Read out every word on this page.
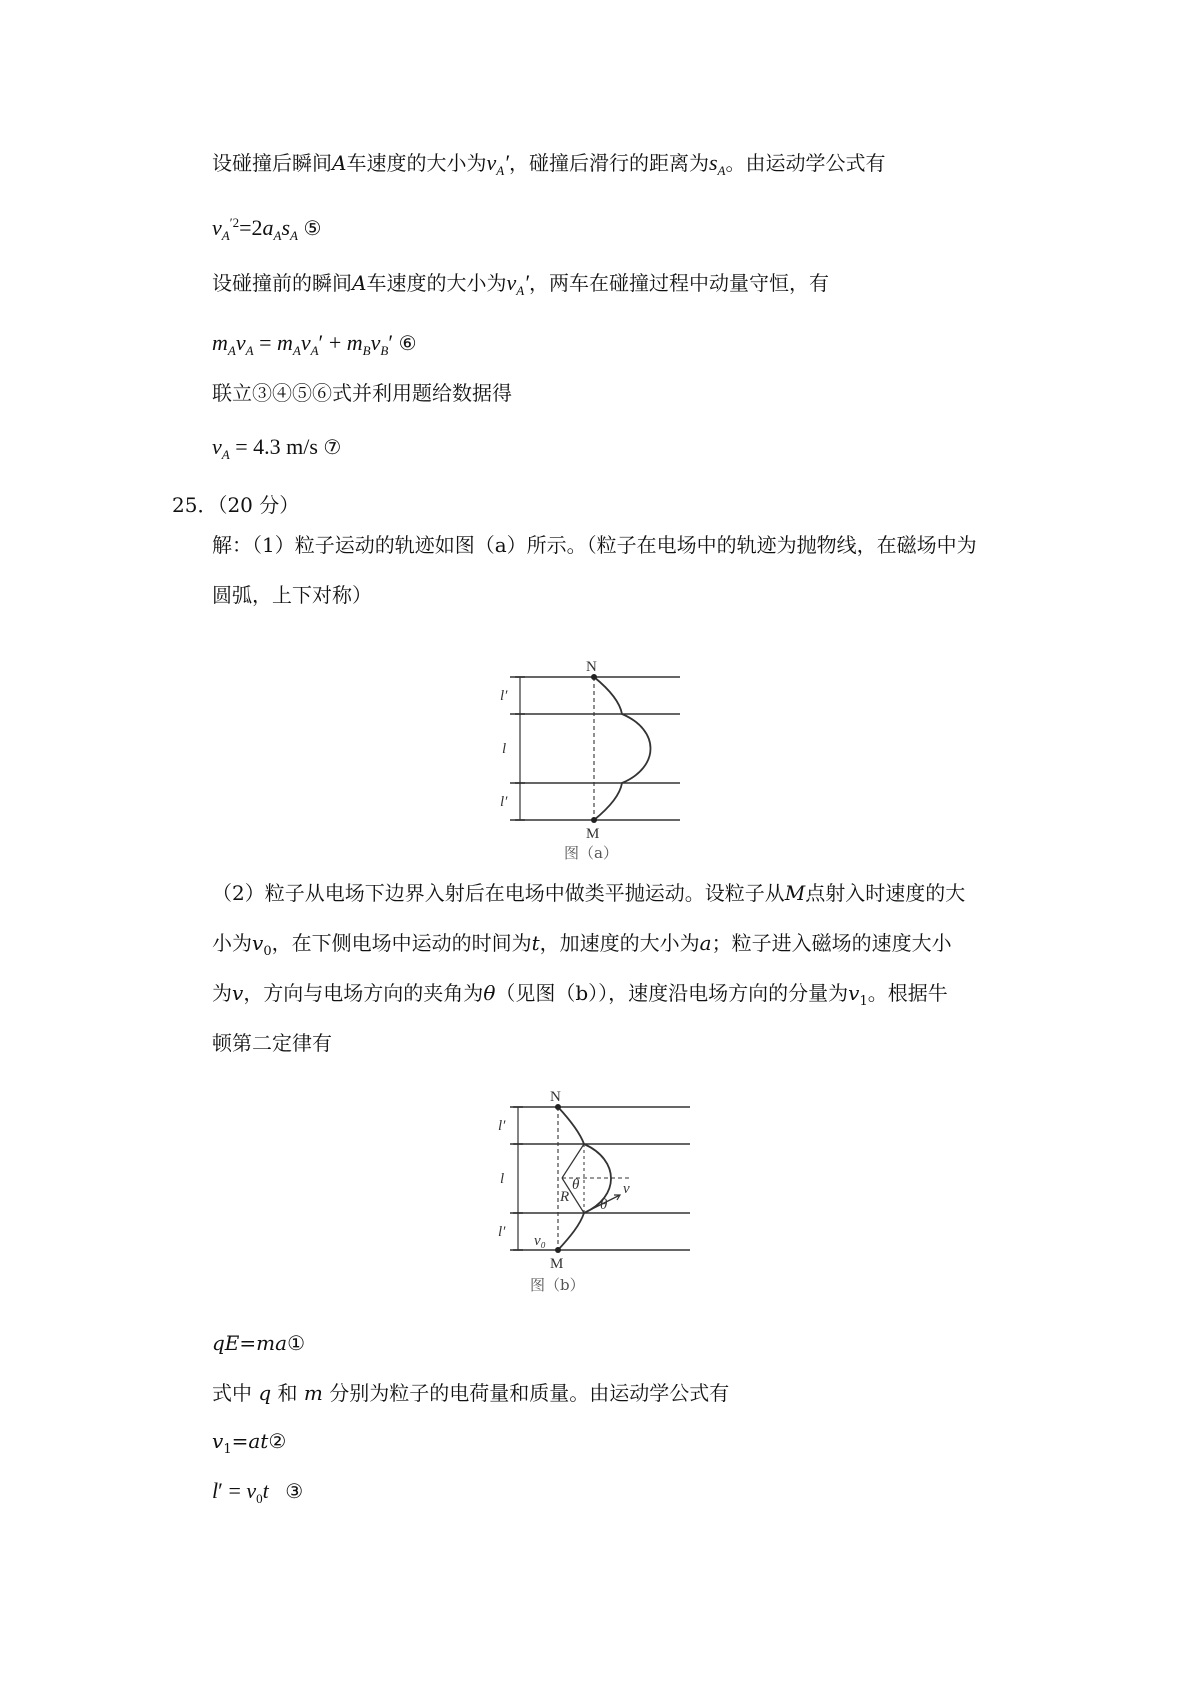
设碰撞后瞬间A车速度的大小为$v_A'$，碰撞后滑行的距离为$s_A$。由运动学公式有
$v_A^{'2}=2a_As_A$ ⑤
设碰撞前的瞬间A车速度的大小为$v_A'$，两车在碰撞过程中动量守恒，有
$m_Av_A = m_Av_A' + m_Bv_B'$ ⑥
联立③④⑤⑥式并利用题给数据得
$v_A = 4.3$ m/s ⑦
25．（20 分）
解：（1）粒子运动的轨迹如图（a）所示。（粒子在电场中的轨迹为抛物线，在磁场中为
圆弧，上下对称）
N
M
l′
l
l′
图（a）
（2）粒子从电场下边界入射后在电场中做类平抛运动。设粒子从M点射入时速度的大
小为$v_0$，在下侧电场中运动的时间为t，加速度的大小为a；粒子进入磁场的速度大小
为v，方向与电场方向的夹角为θ（见图（b）），速度沿电场方向的分量为$v_1$。根据牛
顿第二定律有
N
M
l′
l
l′
R
θ
θ
v
v₀
图（b）
qE=ma①
式中 q 和 m 分别为粒子的电荷量和质量。由运动学公式有
$v_1=at②$
$l' = v_0t$ ③
